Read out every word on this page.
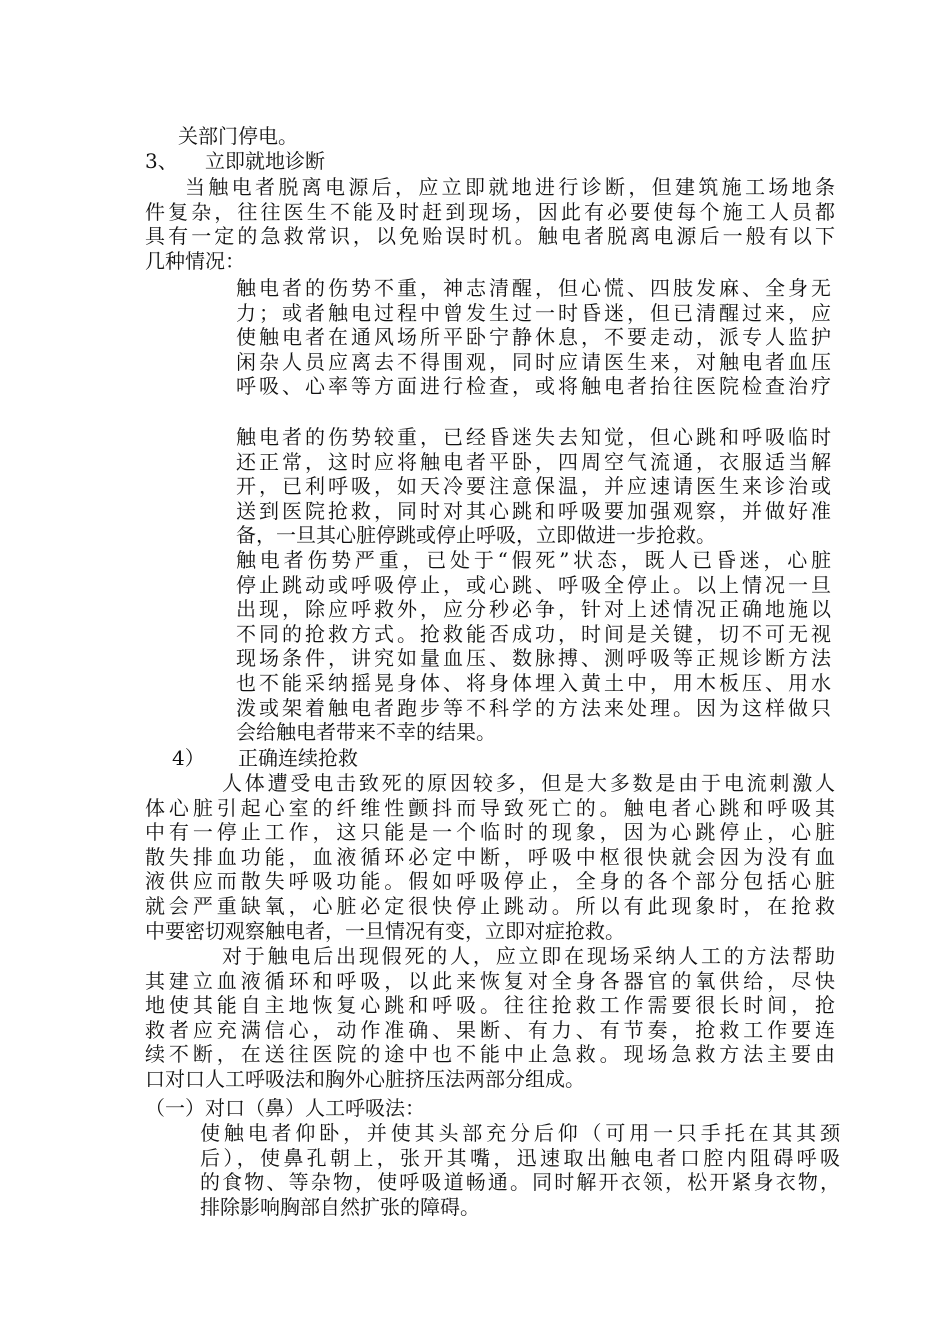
关部门停电。
3、 立即就地诊断

当触电者脱离电源后，应立即就地进行诊断，但建筑施工场地条

件复杂，往往医生不能及时赶到现场，因此有必要使每个施工人员都

具有一定的急救常识，以免贻误时机。触电者脱离电源后一般有以下

几种情况：

触电者的伤势不重，神志清醒，但心慌、四肢发麻、全身无

力；或者触电过程中曾发生过一时昏迷，但已清醒过来，应

使触电者在通风场所平卧宁静休息，不要走动，派专人监护

闲杂人员应离去不得围观，同时应请医生来，对触电者血压

呼吸、心率等方面进行检查，或将触电者抬往医院检查治疗

触电者的伤势较重，已经昏迷失去知觉，但心跳和呼吸临时

还正常，这时应将触电者平卧，四周空气流通，衣服适当解

开，已利呼吸，如天冷要注意保温，并应速请医生来诊治或

送到医院抢救，同时对其心跳和呼吸要加强观察，并做好准

备，一旦其心脏停跳或停止呼吸，立即做进一步抢救。

触电者伤势严重，已处于“假死”状态，既人已昏迷，心脏

停止跳动或呼吸停止，或心跳、呼吸全停止。以上情况一旦

出现，除应呼救外，应分秒必争，针对上述情况正确地施以

不同的抢救方式。抢救能否成功，时间是关键，切不可无视

现场条件，讲究如量血压、数脉搏、测呼吸等正规诊断方法

也不能采纳摇晃身体、将身体埋入黄土中，用木板压、用水

泼或架着触电者跑步等不科学的方法来处理。因为这样做只

会给触电者带来不幸的结果。

4） 正确连续抢救

人体遭受电击致死的原因较多，但是大多数是由于电流刺激人

体心脏引起心室的纤维性颤抖而导致死亡的。触电者心跳和呼吸其

中有一停止工作，这只能是一个临时的现象，因为心跳停止，心脏

散失排血功能，血液循环必定中断，呼吸中枢很快就会因为没有血

液供应而散失呼吸功能。假如呼吸停止，全身的各个部分包括心脏

就会严重缺氧，心脏必定很快停止跳动。所以有此现象时，在抢救

中要密切观察触电者，一旦情况有变，立即对症抢救。

对于触电后出现假死的人，应立即在现场采纳人工的方法帮助

其建立血液循环和呼吸，以此来恢复对全身各器官的氧供给，尽快

地使其能自主地恢复心跳和呼吸。往往抢救工作需要很长时间，抢

救者应充满信心，动作准确、果断、有力、有节奏，抢救工作要连

续不断，在送往医院的途中也不能中止急救。现场急救方法主要由

口对口人工呼吸法和胸外心脏挤压法两部分组成。

（一）对口（鼻）人工呼吸法：

使触电者仰卧，并使其头部充分后仰（可用一只手托在其其颈

后），使鼻孔朝上，张开其嘴，迅速取出触电者口腔内阻碍呼吸

的食物、等杂物，使呼吸道畅通。同时解开衣领，松开紧身衣物，

排除影响胸部自然扩张的障碍。
